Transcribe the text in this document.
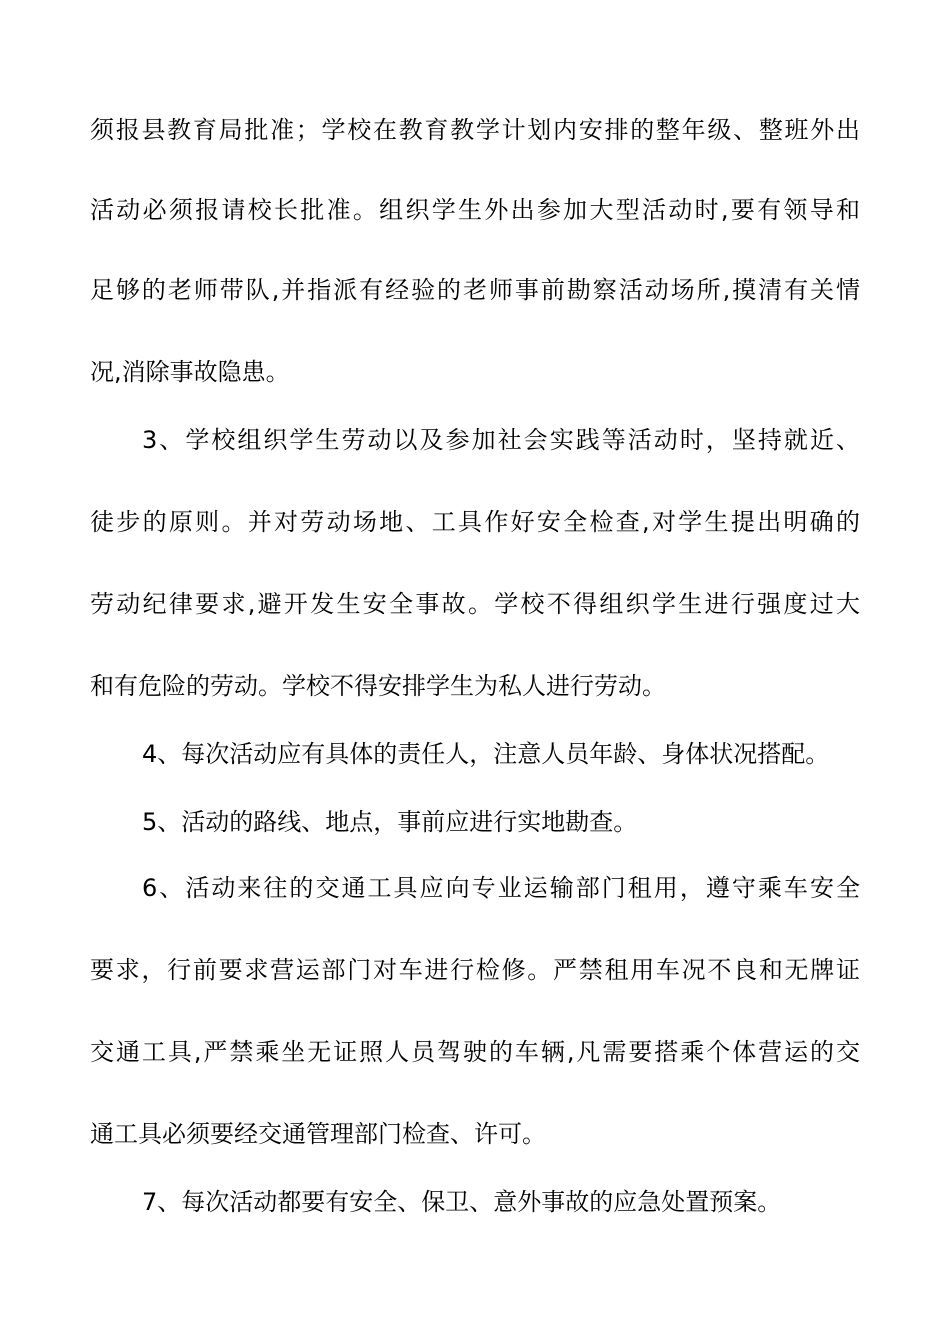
须报县教育局批准；学校在教育教学计划内安排的整年级、整班外出
活动必须报请校长批准。组织学生外出参加大型活动时,要有领导和
足够的老师带队,并指派有经验的老师事前勘察活动场所,摸清有关情
况,消除事故隐患。
3、学校组织学生劳动以及参加社会实践等活动时，坚持就近、
徒步的原则。并对劳动场地、工具作好安全检查,对学生提出明确的
劳动纪律要求,避开发生安全事故。学校不得组织学生进行强度过大
和有危险的劳动。学校不得安排学生为私人进行劳动。
4、每次活动应有具体的责任人，注意人员年龄、身体状况搭配。
5、活动的路线、地点，事前应进行实地勘查。
6、活动来往的交通工具应向专业运输部门租用，遵守乘车安全
要求，行前要求营运部门对车进行检修。严禁租用车况不良和无牌证
交通工具,严禁乘坐无证照人员驾驶的车辆,凡需要搭乘个体营运的交
通工具必须要经交通管理部门检查、许可。
7、每次活动都要有安全、保卫、意外事故的应急处置预案。
